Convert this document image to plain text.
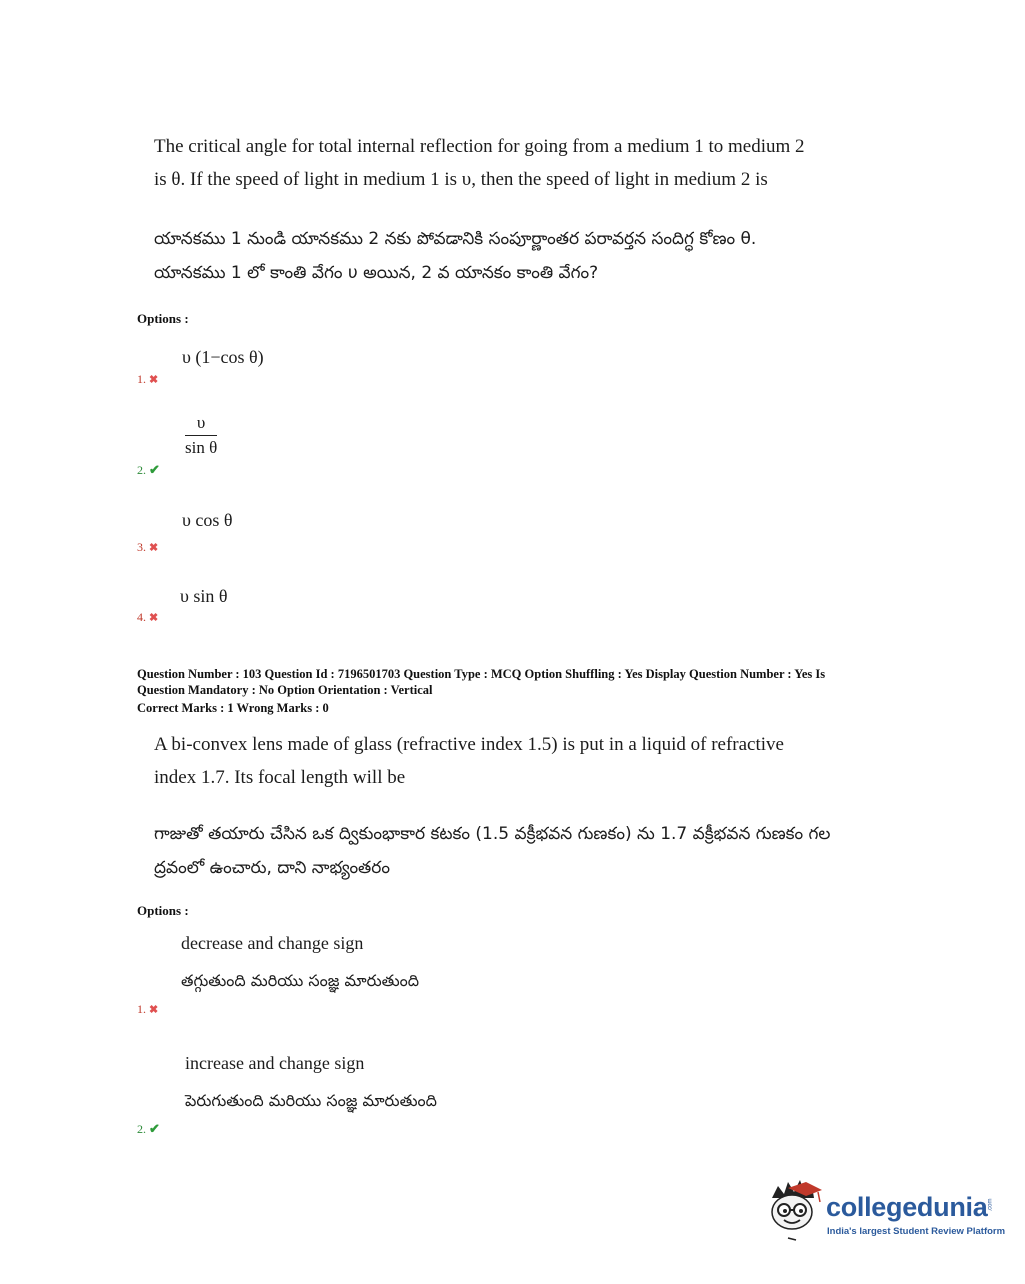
The critical angle for total internal reflection for going from a medium 1 to medium 2
is θ. If the speed of light in medium 1 is υ, then the speed of light in medium 2 is
యానకము 1 నుండి యానకము 2 నకు పోవడానికి సంపూర్ణాంతర పరావర్తన సందిగ్ధ కోణం θ.
యానకము 1 లో కాంతి వేగం υ అయిన, 2 వ యానకం కాంతి వేగం?
Options :
υ (1−cos θ)
1. ✖
$\frac{\upsilon}{\text{sin θ}}$
2. ✔
υ cos θ
3. ✖
υ sin θ
4. ✖
Question Number : 103 Question Id : 7196501703 Question Type : MCQ Option Shuffling : Yes Display Question Number : Yes Is
Question Mandatory : No Option Orientation : Vertical
Correct Marks : 1 Wrong Marks : 0
A bi-convex lens made of glass (refractive index 1.5) is put in a liquid of refractive
index 1.7. Its focal length will be
గాజుతో తయారు చేసిన ఒక ద్వికుంభాకార కటకం (1.5 వక్రీభవన గుణకం) ను 1.7 వక్రీభవన గుణకం గల
ద్రవంలో ఉంచారు, దాని నాభ్యంతరం
Options :
decrease and change sign
తగ్గుతుంది మరియు సంజ్ఞ మారుతుంది
1. ✖
increase and change sign
పెరుగుతుంది మరియు సంజ్ఞ మారుతుంది
2. ✔
collegedunia .com
India's largest Student Review Platform
